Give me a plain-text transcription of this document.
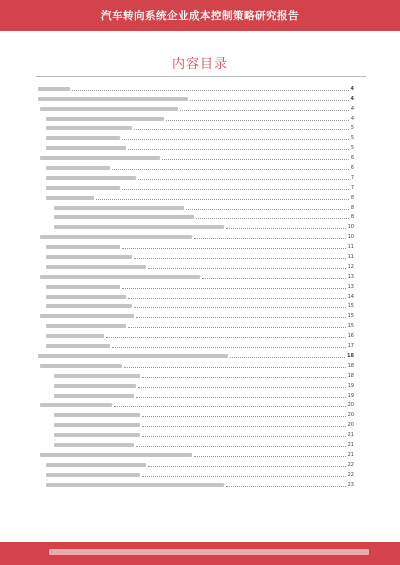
汽车转向系统企业成本控制策略研究报告
内容目录
4
4
4
4
5
5
5
6
6
7
7
8
8
8
10
10
11
11
12
13
13
14
15
15
15
16
17
18
18
18
19
19
20
20
20
21
21
21
22
22
23
